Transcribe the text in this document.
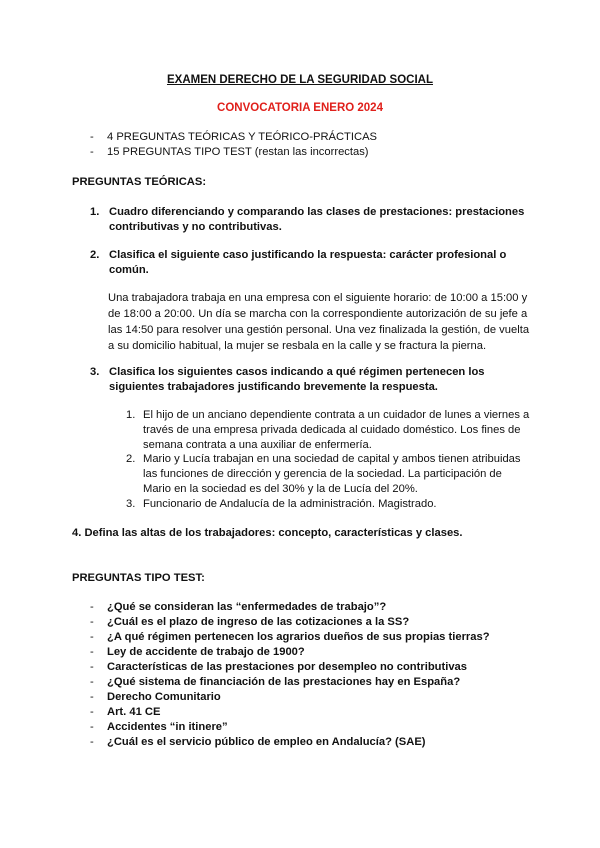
EXAMEN DERECHO DE LA SEGURIDAD SOCIAL
CONVOCATORIA ENERO 2024
- 4 PREGUNTAS TEÓRICAS Y TEÓRICO-PRÁCTICAS
- 15 PREGUNTAS TIPO TEST (restan las incorrectas)
PREGUNTAS TEÓRICAS:
1. Cuadro diferenciando y comparando las clases de prestaciones: prestaciones contributivas y no contributivas.
2. Clasifica el siguiente caso justificando la respuesta: carácter profesional o común.
Una trabajadora trabaja en una empresa con el siguiente horario: de 10:00 a 15:00 y de 18:00 a 20:00. Un día se marcha con la correspondiente autorización de su jefe a las 14:50 para resolver una gestión personal. Una vez finalizada la gestión, de vuelta a su domicilio habitual, la mujer se resbala en la calle y se fractura la pierna.
3. Clasifica los siguientes casos indicando a qué régimen pertenecen los siguientes trabajadores justificando brevemente la respuesta.
1. El hijo de un anciano dependiente contrata a un cuidador de lunes a viernes a través de una empresa privada dedicada al cuidado doméstico. Los fines de semana contrata a una auxiliar de enfermería.
2. Mario y Lucía trabajan en una sociedad de capital y ambos tienen atribuidas las funciones de dirección y gerencia de la sociedad. La participación de Mario en la sociedad es del 30% y la de Lucía del 20%.
3. Funcionario de Andalucía de la administración. Magistrado.
4. Defina las altas de los trabajadores: concepto, características y clases.
PREGUNTAS TIPO TEST:
- ¿Qué se consideran las “enfermedades de trabajo”?
- ¿Cuál es el plazo de ingreso de las cotizaciones a la SS?
- ¿A qué régimen pertenecen los agrarios dueños de sus propias tierras?
- Ley de accidente de trabajo de 1900?
- Características de las prestaciones por desempleo no contributivas
- ¿Qué sistema de financiación de las prestaciones hay en España?
- Derecho Comunitario
- Art. 41 CE
- Accidentes “in itinere”
- ¿Cuál es el servicio público de empleo en Andalucía? (SAE)
